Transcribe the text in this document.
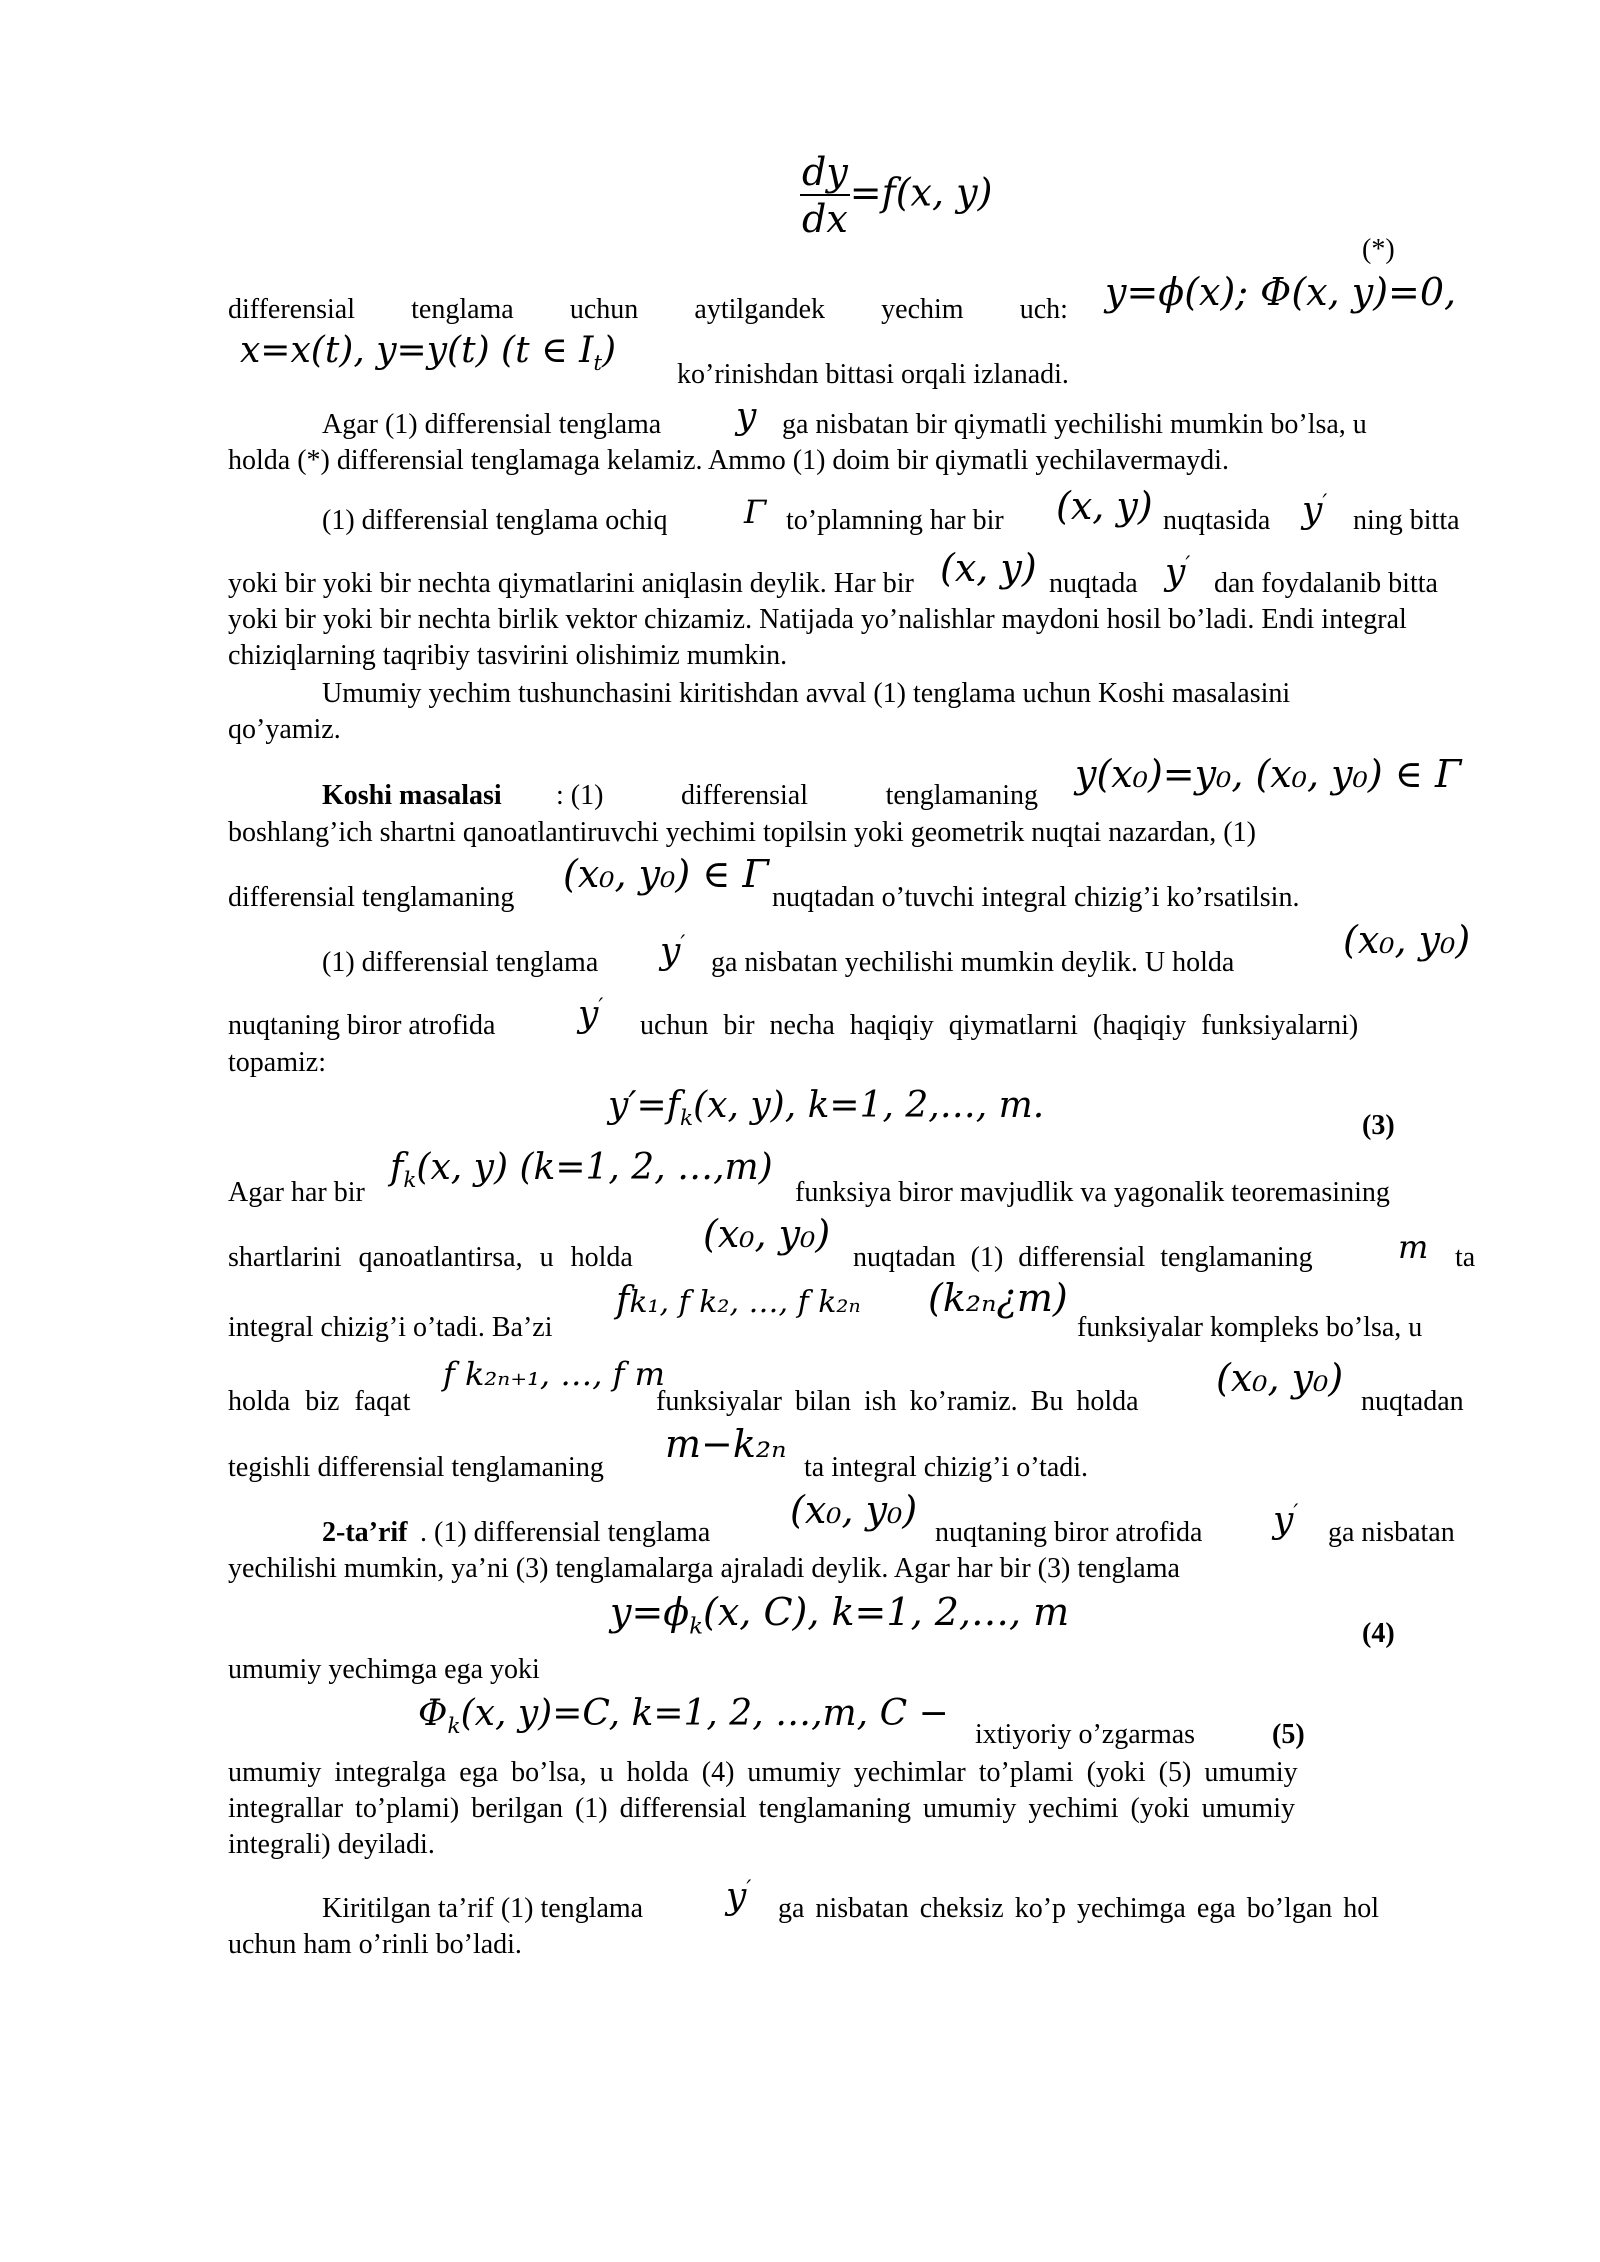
$\frac{dy}{dx} =f(x$, y)
(*)
differensial tenglama uchun aytilgandek yechim uch: y=ϕ(x); Φ(x, y)=0,
x=x(t), y=y(t) (t ∈ $I_t$)
ko’rinishdan bittasi orqali izlanadi.
Agar (1) differensial tenglama y ga nisbatan bir qiymatli yechilishi mumkin bo’lsa, u
holda (*) differensial tenglamaga kelamiz. Ammo (1) doim bir qiymatli yechilavermaydi.
(1) differensial tenglama ochiq Γ to’plamning har bir (x, y) nuqtasida y′
ning bitta
yoki bir yoki bir nechta qiymatlarini aniqlasin deylik. Har bir (x, y) nuqtada y′
dan foydalanib bitta
yoki bir yoki bir nechta birlik vektor chizamiz. Natijada yo’nalishlar maydoni hosil bo’ladi. Endi integral
chiziqlarning taqribiy tasvirini olishimiz mumkin.
Umumiy yechim tushunchasini kiritishdan avval (1) tenglama uchun Koshi masalasini
qo’yamiz.
Koshi masalasi : (1)	differensial	tenglamaning y(x₀)=y₀, (x₀, y₀) ∈ Γ
boshlang’ich shartni qanoatlantiruvchi yechimi topilsin yoki geometrik nuqtai nazardan, (1)
differensial tenglamaning
(x₀, y₀) ∈ Γ
nuqtadan o’tuvchi integral chizig’i ko’rsatilsin.
(1) differensial tenglama y′
ga nisbatan yechilishi mumkin deylik. U holda
(x₀, y₀)
nuqtaning biror atrofida y′
uchun bir necha haqiqiy qiymatlarni (haqiqiy funksiyalarni)
topamiz:
$y'=f_k(x$, y), k=1, 2,…, m.	(3)
Agar har bir
$f_k(x$, y) (k=1, 2, …,m)
funksiya biror mavjudlik va yagonalik teoremasining
shartlarini qanoatlantirsa, u holda
(x₀, y₀)
nuqtadan (1) differensial tenglamaning	m ta
integral chizig’i o’tadi. Ba’zi
fk₁, f k₂, …, f k₂ₙ (k₂ₙ¿m)
funksiyalar kompleks bo’lsa, u
holda biz faqat
f k₂ₙ₊₁, …, f m
funksiyalar bilan ish ko’ramiz. Bu holda
(x₀, y₀)
nuqtadan
tegishli differensial tenglamaning
m−k₂ₙ
ta integral chizig’i o’tadi.
2-ta’rif . (1) differensial tenglama
(x₀, y₀)
nuqtaning biror atrofida y′
ga nisbatan
yechilishi mumkin, ya’ni (3) tenglamalarga ajraladi deylik. Agar har bir (3) tenglama
$y=\phi_k(x$, C), k=1, 2,…, m	(4)
umumiy yechimga ega yoki
$\Phi_k(x$, y)=C, k=1, 2, …,m, C −
ixtiyoriy o’zgarmas	(5)
umumiy integralga ega bo’lsa, u holda (4) umumiy yechimlar to’plami (yoki (5) umumiy
integrallar to’plami) berilgan (1) differensial tenglamaning umumiy yechimi (yoki umumiy
integrali) deyiladi.
Kiritilgan ta’rif (1) tenglama y′
ga nisbatan cheksiz ko’p yechimga ega bo’lgan hol
uchun ham o’rinli bo’ladi.
